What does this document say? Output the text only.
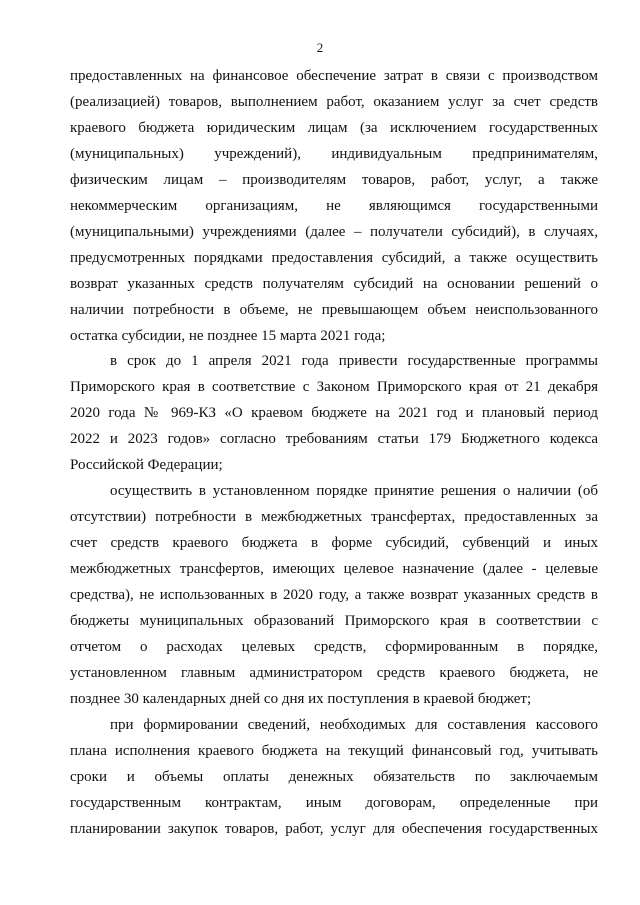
2

предоставленных на финансовое обеспечение затрат в связи с производством
(реализацией) товаров, выполнением работ, оказанием услуг за счет средств
краевого бюджета юридическим лицам (за исключением государственных
(муниципальных) учреждений), индивидуальным предпринимателям,
физическим лицам – производителям товаров, работ, услуг, а также
некоммерческим организациям, не являющимся государственными
(муниципальными) учреждениями (далее – получатели субсидий), в случаях,
предусмотренных порядками предоставления субсидий, а также осуществить
возврат указанных средств получателям субсидий на основании решений о
наличии потребности в объеме, не превышающем объем неиспользованного
остатка субсидии, не позднее 15 марта 2021 года;

в срок до 1 апреля 2021 года привести государственные программы
Приморского края в соответствие с Законом Приморского края от 21 декабря
2020 года № 969-КЗ «О краевом бюджете на 2021 год и плановый период
2022 и 2023 годов» согласно требованиям статьи 179 Бюджетного кодекса
Российской Федерации;

осуществить в установленном порядке принятие решения о наличии (об
отсутствии) потребности в межбюджетных трансфертах, предоставленных за
счет средств краевого бюджета в форме субсидий, субвенций и иных
межбюджетных трансфертов, имеющих целевое назначение (далее - целевые
средства), не использованных в 2020 году, а также возврат указанных средств в
бюджеты муниципальных образований Приморского края в соответствии с
отчетом о расходах целевых средств, сформированным в порядке,
установленном главным администратором средств краевого бюджета, не
позднее 30 календарных дней со дня их поступления в краевой бюджет;

при формировании сведений, необходимых для составления кассового
плана исполнения краевого бюджета на текущий финансовый год, учитывать
сроки и объемы оплаты денежных обязательств по заключаемым
государственным контрактам, иным договорам, определенные при
планировании закупок товаров, работ, услуг для обеспечения государственных
